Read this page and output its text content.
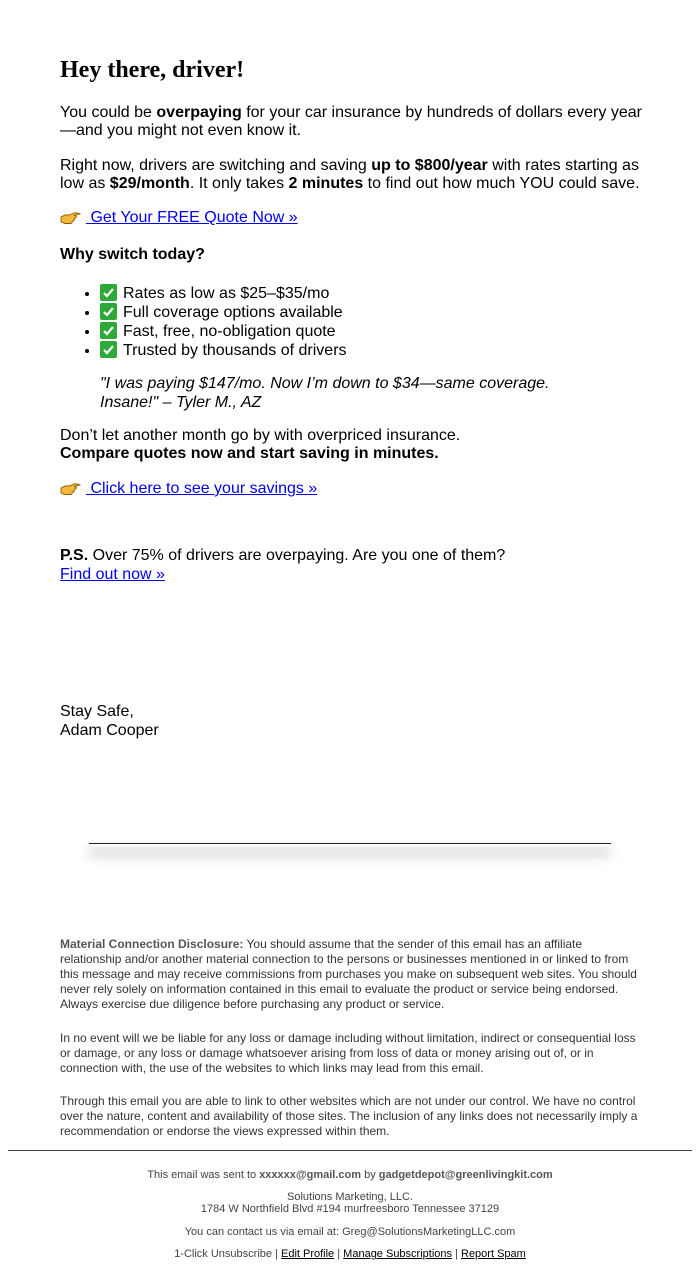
Hey there, driver!

You could be overpaying for your car insurance by hundreds of dollars every year—and you might not even know it.

Right now, drivers are switching and saving up to $800/year with rates starting as low as $29/month. It only takes 2 minutes to find out how much YOU could save.

Get Your FREE Quote Now »
Why switch today?
• Rates as low as $25–$35/mo
• Full coverage options available
• Fast, free, no-obligation quote
• Trusted by thousands of drivers
"I was paying $147/mo. Now I’m down to $34—same coverage. Insane!" – Tyler M., AZ
Don’t let another month go by with overpriced insurance.
Compare quotes now and start saving in minutes.
Click here to see your savings »
P.S. Over 75% of drivers are overpaying. Are you one of them?
Find out now »
Stay Safe,
Adam Cooper

Material Connection Disclosure: You should assume that the sender of this email has an affiliate relationship and/or another material connection to the persons or businesses mentioned in or linked to from this message and may receive commissions from purchases you make on subsequent web sites. You should never rely solely on information contained in this email to evaluate the product or service being endorsed. Always exercise due diligence before purchasing any product or service.

In no event will we be liable for any loss or damage including without limitation, indirect or consequential loss or damage, or any loss or damage whatsoever arising from loss of data or money arising out of, or in connection with, the use of the websites to which links may lead from this email.

Through this email you are able to link to other websites which are not under our control. We have no control over the nature, content and availability of those sites. The inclusion of any links does not necessarily imply a recommendation or endorse the views expressed within them.

This email was sent to xxxxxx@gmail.com by gadgetdepot@greenlivingkit.com
Solutions Marketing, LLC.
1784 W Northfield Blvd #194 murfreesboro Tennessee 37129
You can contact us via email at: Greg@SolutionsMarketingLLC.com
1-Click Unsubscribe | Edit Profile | Manage Subscriptions | Report Spam
